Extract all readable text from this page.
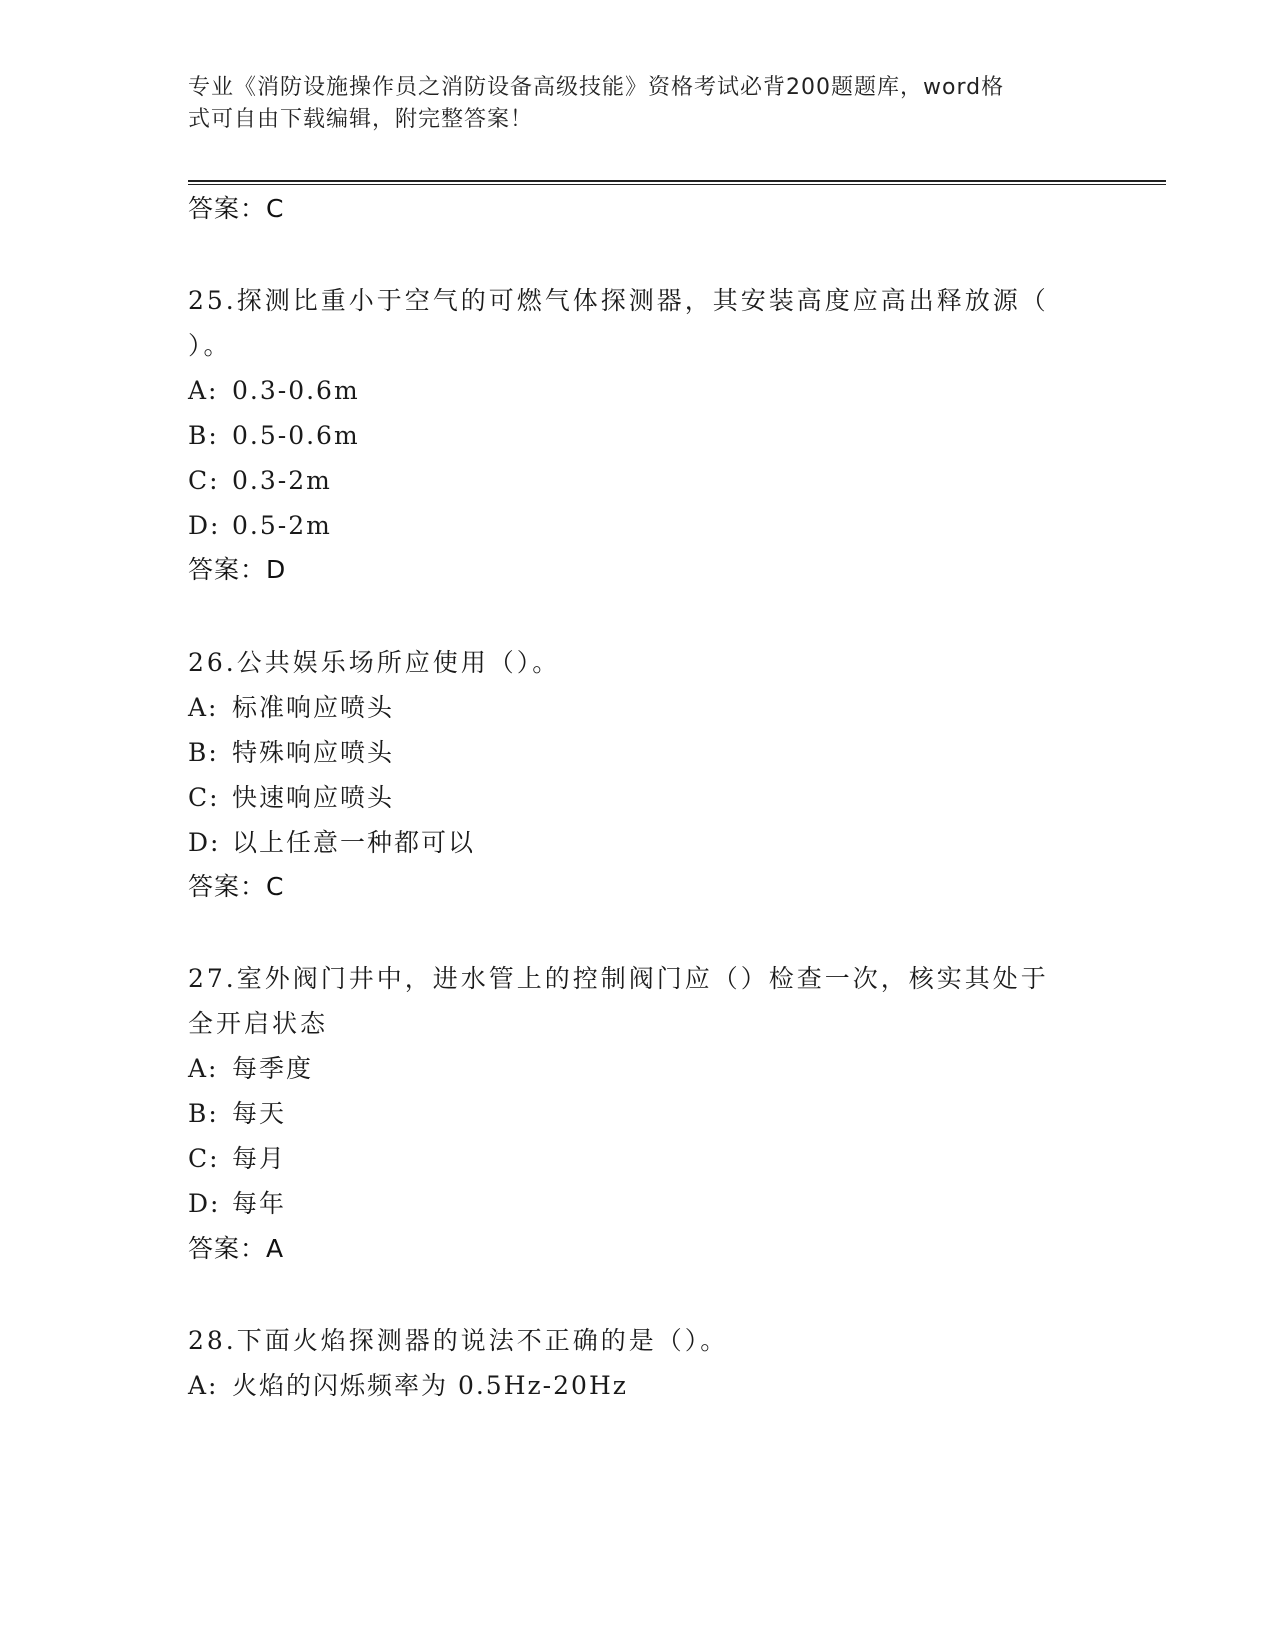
专业《消防设施操作员之消防设备高级技能》资格考试必背200题题库，word格
式可自由下载编辑，附完整答案！

答案：C

25.探测比重小于空气的可燃气体探测器，其安装高度应高出释放源（

）。

A: 0.3-0.6m

B: 0.5-0.6m

C: 0.3-2m

D: 0.5-2m

答案：D

26.公共娱乐场所应使用（）。

A: 标准响应喷头

B: 特殊响应喷头

C: 快速响应喷头

D: 以上任意一种都可以

答案：C

27.室外阀门井中，进水管上的控制阀门应（）检查一次，核实其处于

全开启状态

A: 每季度

B: 每天

C: 每月

D: 每年

答案：A

28.下面火焰探测器的说法不正确的是（）。

A: 火焰的闪烁频率为 0.5Hz-20Hz
